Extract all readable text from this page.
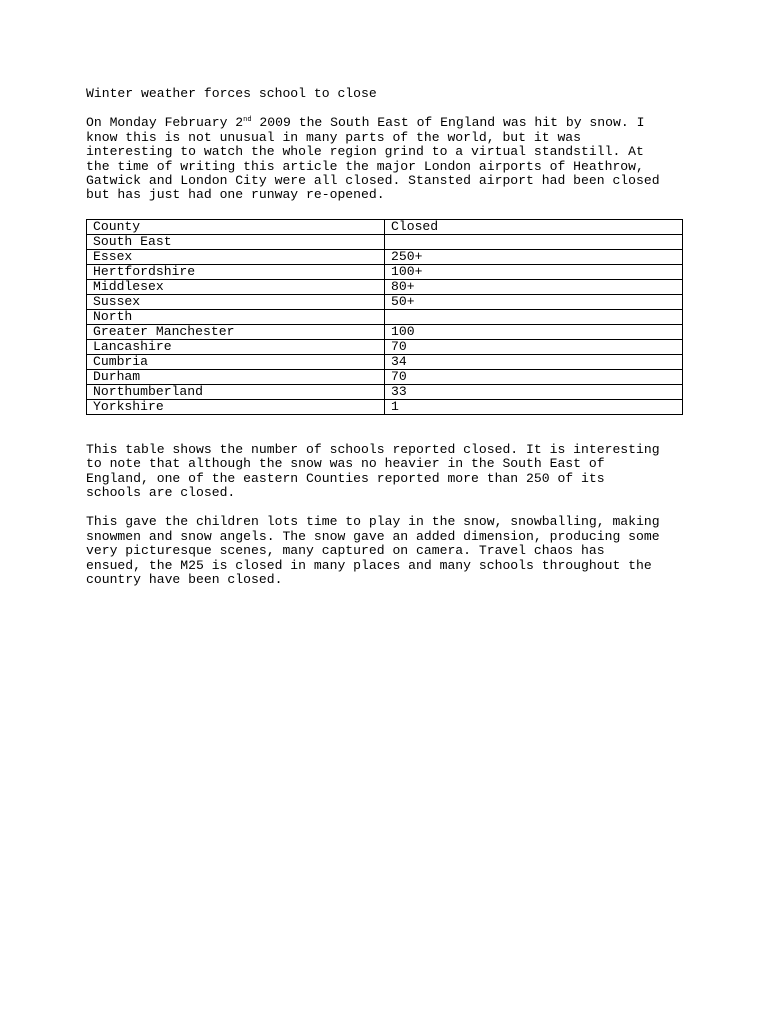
Winter weather forces school to close
On Monday February 2nd 2009 the South East of England was hit by snow. I
know this is not unusual in many parts of the world, but it was
interesting to watch the whole region grind to a virtual standstill. At
the time of writing this article the major London airports of Heathrow,
Gatwick and London City were all closed. Stansted airport had been closed
but has just had one runway re-opened.
County	Closed
South East	
Essex	250+
Hertfordshire	100+
Middlesex	80+
Sussex	50+
North	
Greater Manchester	100
Lancashire	70
Cumbria	34
Durham	70
Northumberland	33
Yorkshire	1
This table shows the number of schools reported closed. It is interesting
to note that although the snow was no heavier in the South East of
England, one of the eastern Counties reported more than 250 of its
schools are closed.
This gave the children lots time to play in the snow, snowballing, making
snowmen and snow angels. The snow gave an added dimension, producing some
very picturesque scenes, many captured on camera. Travel chaos has
ensued, the M25 is closed in many places and many schools throughout the
country have been closed.
